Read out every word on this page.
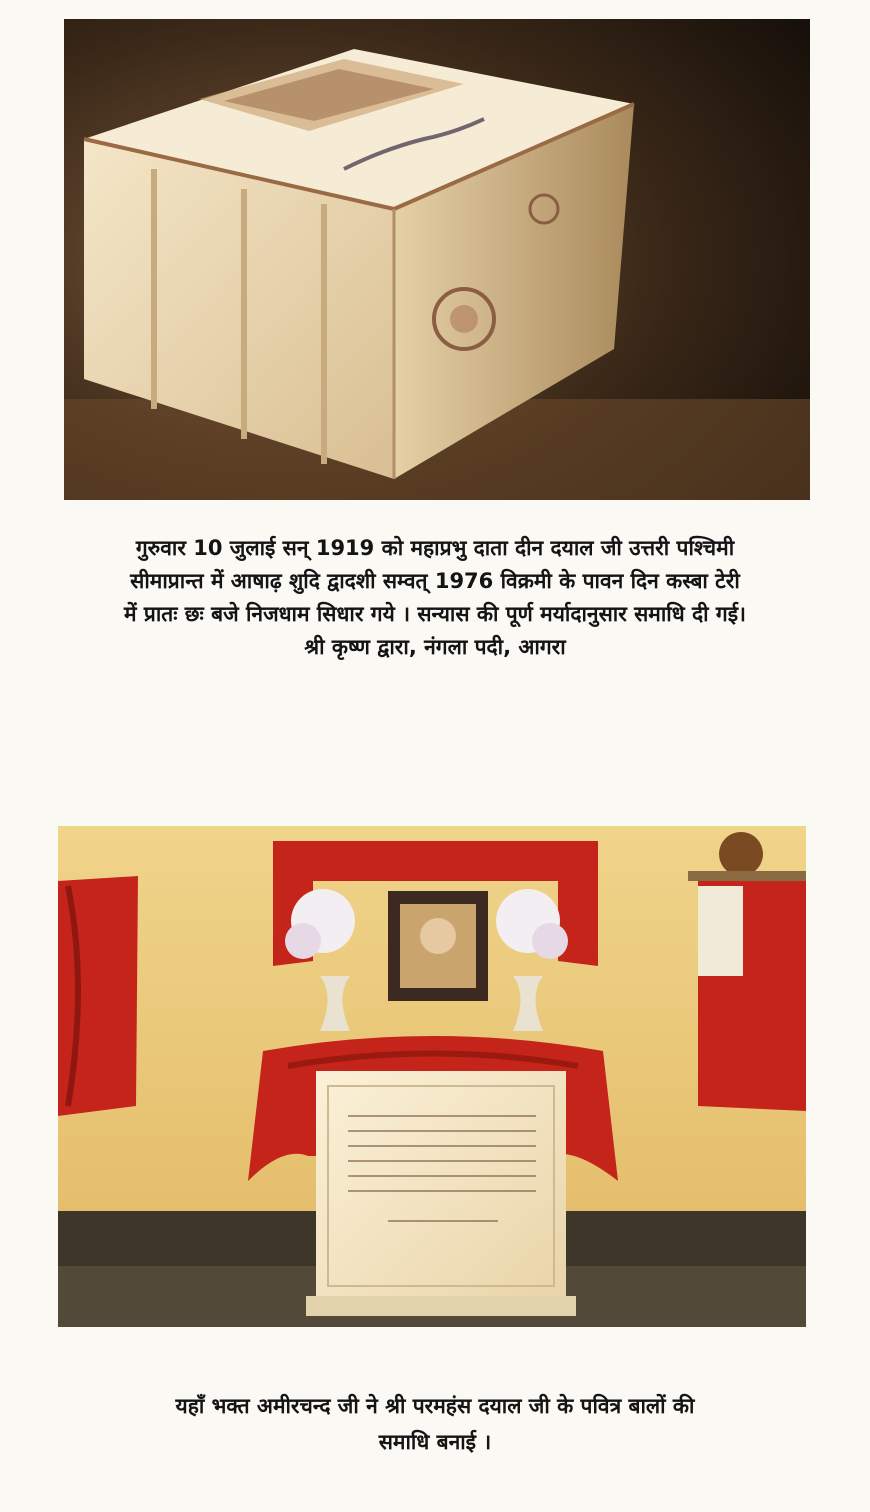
गुरुवार 10 जुलाई सन् 1919 को महाप्रभु दाता दीन दयाल जी उत्तरी पश्चिमी
सीमाप्रान्त में आषाढ़ शुदि द्वादशी सम्वत् 1976 विक्रमी के पावन दिन कस्बा टेरी
में प्रातः छः बजे निजधाम सिधार गये । सन्यास की पूर्ण मर्यादानुसार समाधि दी गई।
श्री कृष्ण द्वारा, नंगला पदी, आगरा
यहाँ भक्त अमीरचन्द जी ने श्री परमहंस दयाल जी के पवित्र बालों की
समाधि बनाई ।
